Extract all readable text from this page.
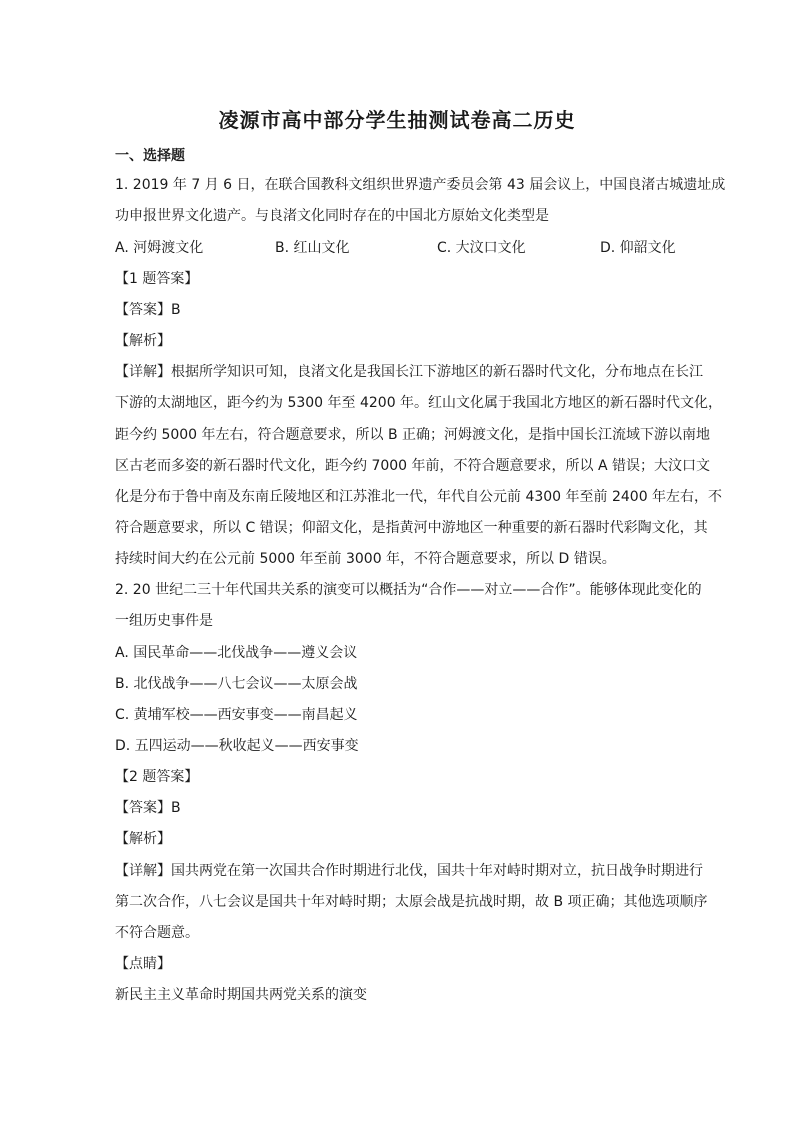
凌源市高中部分学生抽测试卷高二历史
一、选择题
1. 2019 年 7 月 6 日，在联合国教科文组织世界遗产委员会第 43 届会议上，中国良渚古城遗址成
功申报世界文化遗产。与良渚文化同时存在的中国北方原始文化类型是
A. 河姆渡文化	B. 红山文化	C. 大汶口文化	D. 仰韶文化
【1 题答案】
【答案】B
【解析】
【详解】根据所学知识可知，良渚文化是我国长江下游地区的新石器时代文化，分布地点在长江
下游的太湖地区，距今约为 5300 年至 4200 年。红山文化属于我国北方地区的新石器时代文化，
距今约 5000 年左右，符合题意要求，所以 B 正确；河姆渡文化，是指中国长江流域下游以南地
区古老而多姿的新石器时代文化，距今约 7000 年前，不符合题意要求，所以 A 错误；大汶口文
化是分布于鲁中南及东南丘陵地区和江苏淮北一代，年代自公元前 4300 年至前 2400 年左右，不
符合题意要求，所以 C 错误；仰韶文化，是指黄河中游地区一种重要的新石器时代彩陶文化，其
持续时间大约在公元前 5000 年至前 3000 年，不符合题意要求，所以 D 错误。
2. 20 世纪二三十年代国共关系的演变可以概括为“合作——对立——合作”。能够体现此变化的
一组历史事件是
A. 国民革命——北伐战争——遵义会议
B. 北伐战争——八七会议——太原会战
C. 黄埔军校——西安事变——南昌起义
D. 五四运动——秋收起义——西安事变
【2 题答案】
【答案】B
【解析】
【详解】国共两党在第一次国共合作时期进行北伐，国共十年对峙时期对立，抗日战争时期进行
第二次合作，八七会议是国共十年对峙时期；太原会战是抗战时期，故 B 项正确；其他选项顺序
不符合题意。
【点睛】
新民主主义革命时期国共两党关系的演变
